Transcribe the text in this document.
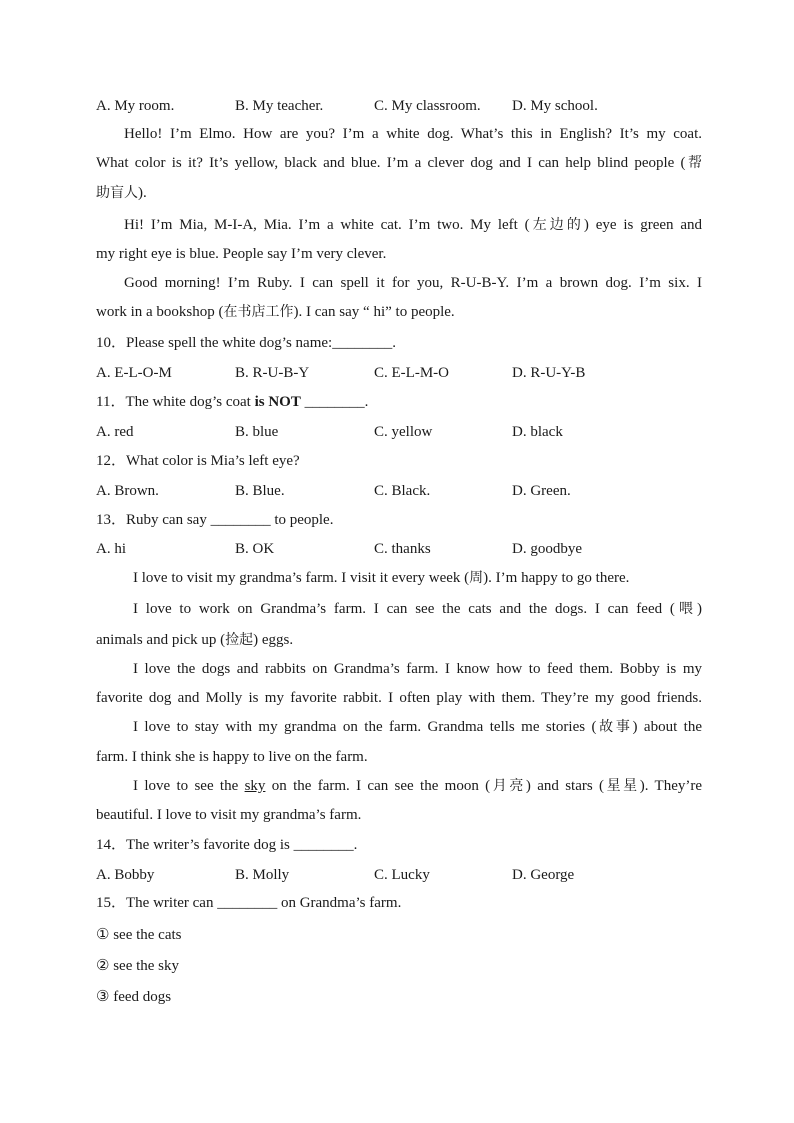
A. My room.	B. My teacher.	C. My classroom. D. My school.
Hello! I’m Elmo. How are you? I’m a white dog. What’s this in English? It’s my coat.
What color is it? It’s yellow, black and blue. I’m a clever dog and I can help blind people (帮
助盲人).
Hi! I’m Mia, M-I-A, Mia. I’m a white cat. I’m two. My left (左边的) eye is green and
my right eye is blue. People say I’m very clever.
Good morning! I’m Ruby. I can spell it for you, R-U-B-Y. I’m a brown dog. I’m six. I
work in a bookshop (在书店工作). I can say “ hi” to people.
10．Please spell the white dog’s name:________.
A. E-L-O-M	B. R-U-B-Y	C. E-L-M-O	D. R-U-Y-B
11．The white dog’s coat is NOT ________.
A. red	B. blue	C. yellow	D. black
12．What color is Mia’s left eye?
A. Brown.	B. Blue.	C. Black.	D. Green.
13．Ruby can say ________ to people.
A. hi	B. OK	C. thanks	D. goodbye
I love to visit my grandma’s farm. I visit it every week (周). I’m happy to go there.
I love to work on Grandma’s farm. I can see the cats and the dogs. I can feed (喂)
animals and pick up (捡起) eggs.
I love the dogs and rabbits on Grandma’s farm. I know how to feed them. Bobby is my
favorite dog and Molly is my favorite rabbit. I often play with them. They’re my good friends.
I love to stay with my grandma on the farm. Grandma tells me stories (故事) about the
farm. I think she is happy to live on the farm.
I love to see the sky on the farm. I can see the moon (月亮) and stars (星星). They’re
beautiful. I love to visit my grandma’s farm.
14．The writer’s favorite dog is ________.
A. Bobby	B. Molly	C. Lucky	D. George
15．The writer can ________ on Grandma’s farm.
① see the cats
② see the sky
③ feed dogs
